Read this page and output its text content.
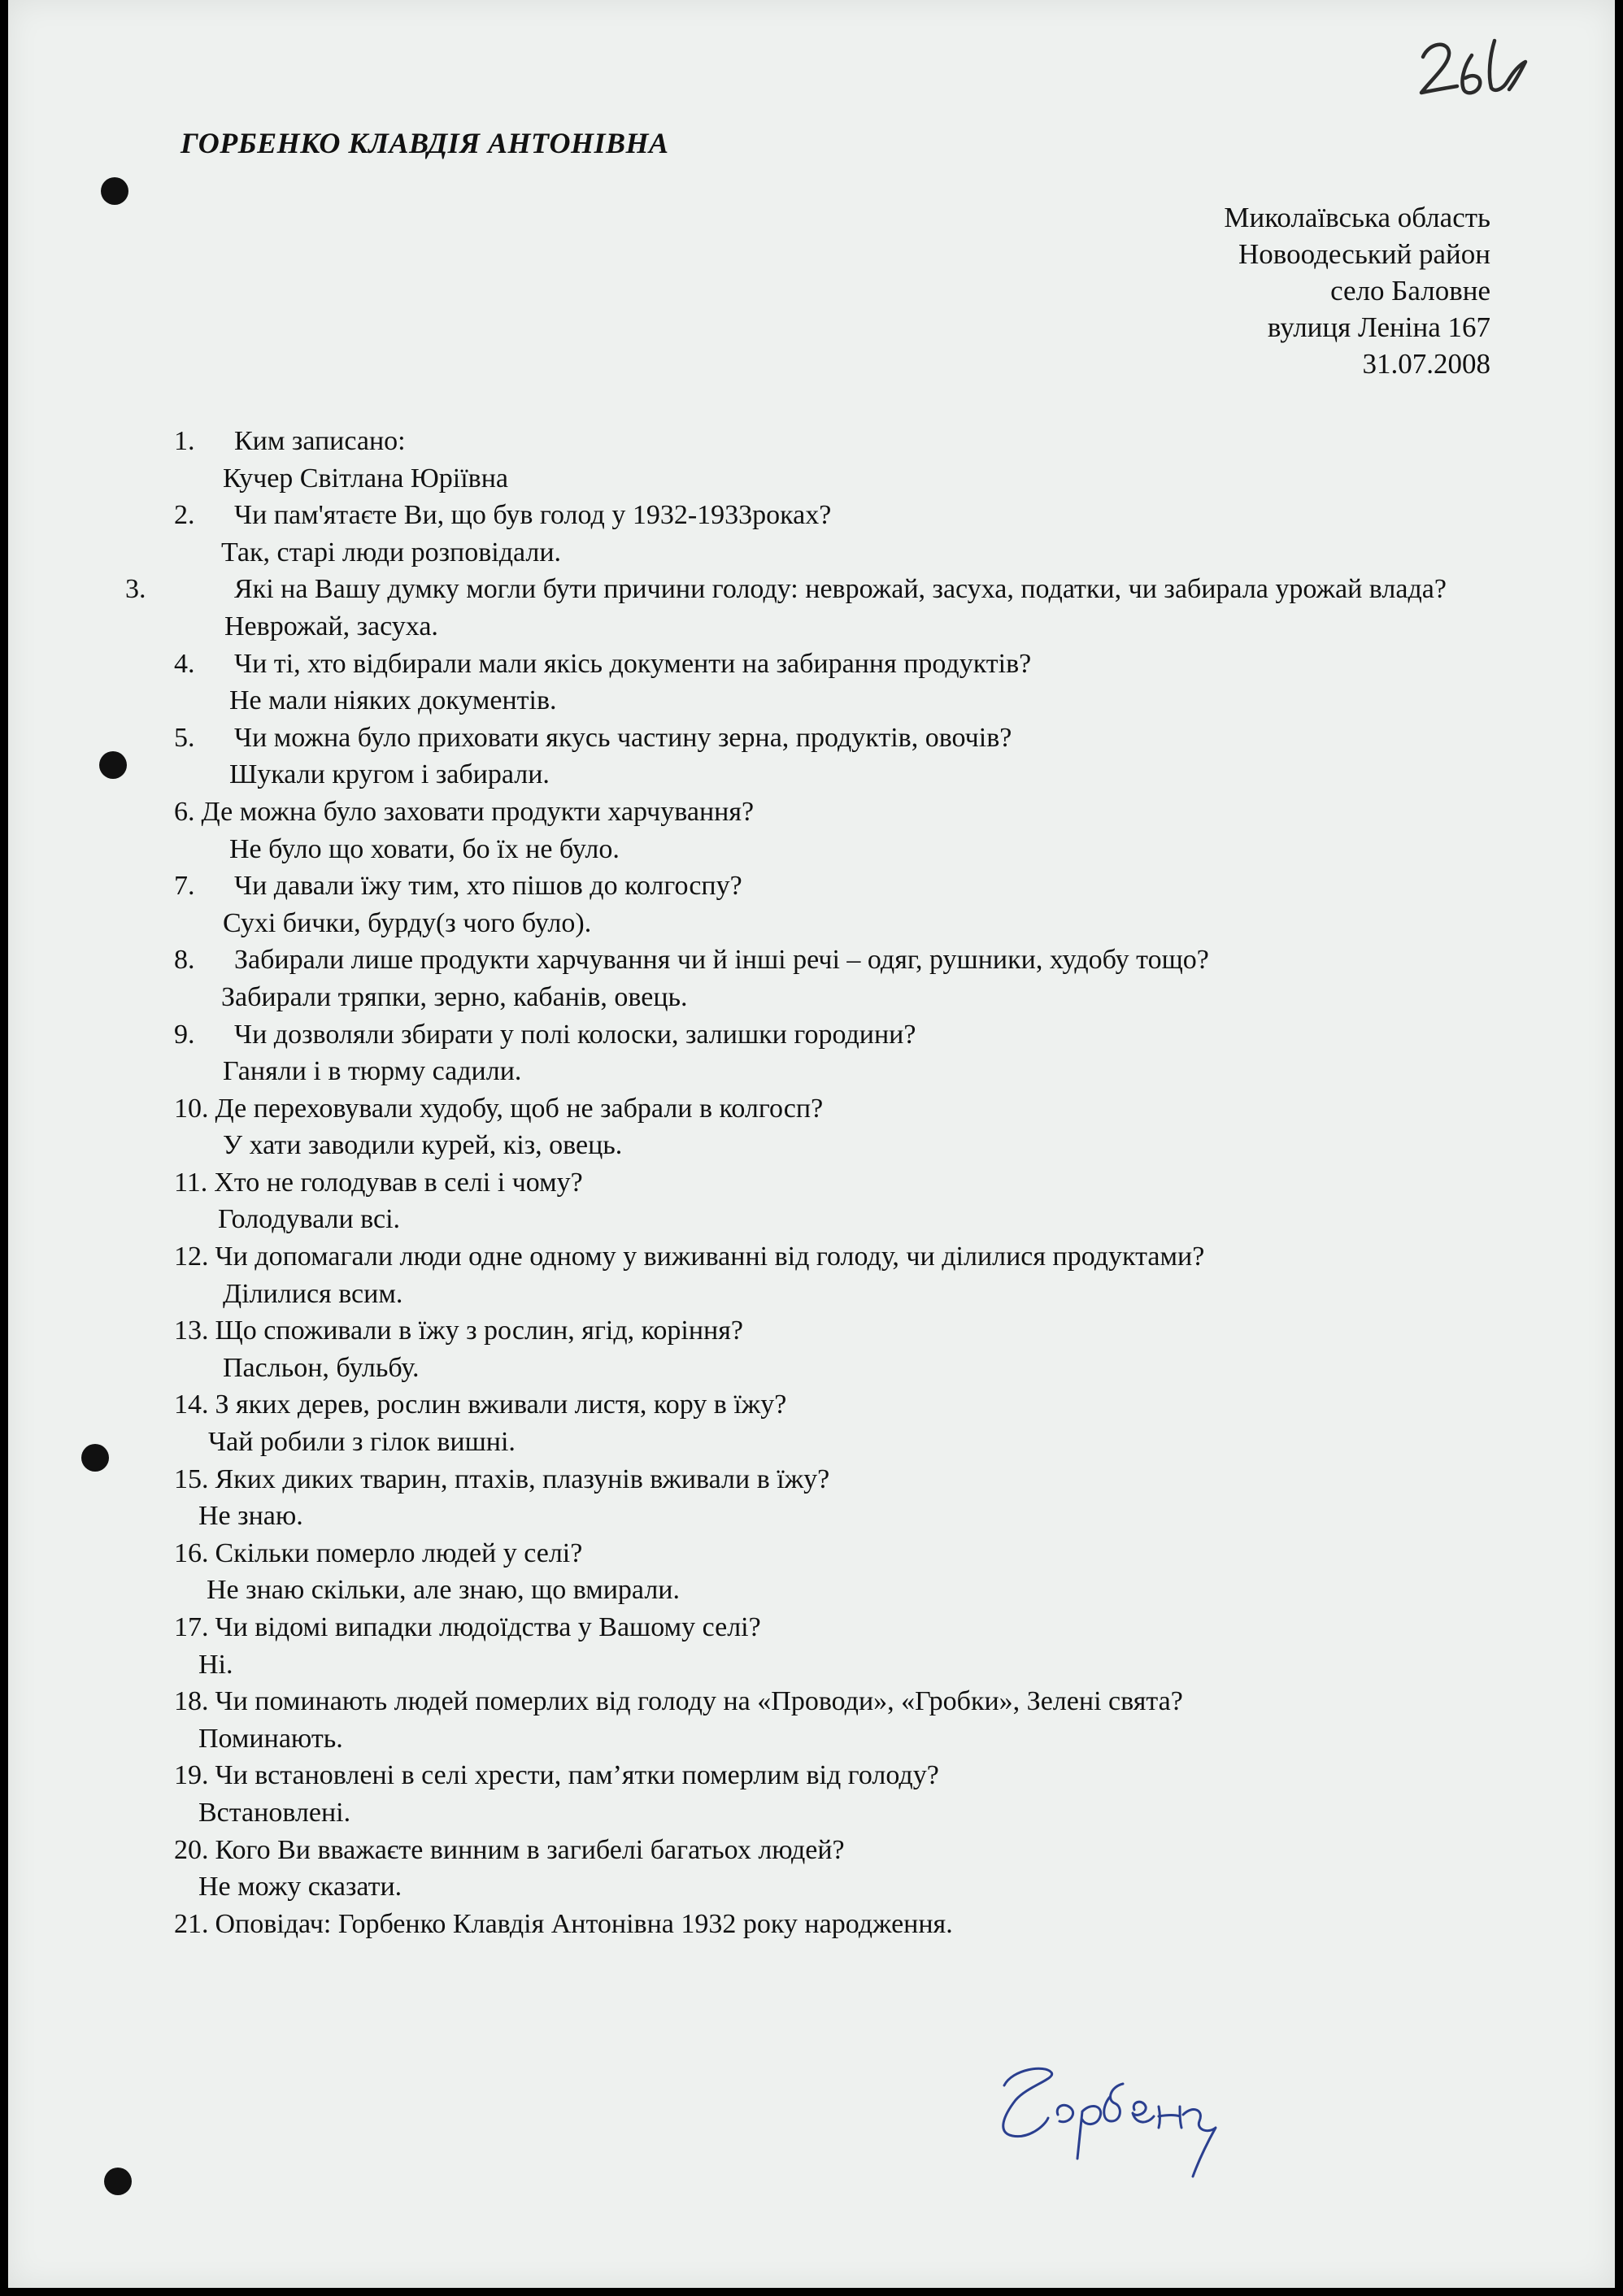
ГОРБЕНКО КЛАВДІЯ АНТОНІВНА
Миколаївська область
Новоодеський район
село Баловне
вулиця Леніна 167
31.07.2008
1. Ким записано:
Кучер Світлана Юріївна
2. Чи пам'ятаєте Ви, що був голод у 1932-1933роках?
Так, старі люди розповідали.
3.	Які на Вашу думку могли бути причини голоду: неврожай, засуха, податки, чи забирала урожай влада?
Неврожай, засуха.
4. Чи ті, хто відбирали мали якісь документи на забирання продуктів?
Не мали ніяких документів.
5. Чи можна було приховати якусь частину зерна, продуктів, овочів?
Шукали кругом і забирали.
6. Де можна було заховати продукти харчування?
Не було що ховати, бо їх не було.
7. Чи давали їжу тим, хто пішов до колгоспу?
Сухі бички, бурду(з чого було).
8. Забирали лише продукти харчування чи й інші речі – одяг, рушники, худобу тощо?
Забирали тряпки, зерно, кабанів, овець.
9. Чи дозволяли збирати у полі колоски, залишки городини?
Ганяли і в тюрму садили.
10. Де переховували худобу, щоб не забрали в колгосп?
У хати заводили курей, кіз, овець.
11. Хто не голодував в селі і чому?
Голодували всі.
12. Чи допомагали люди одне одному у виживанні від голоду, чи ділилися продуктами?
Ділилися всим.
13. Що споживали в їжу з рослин, ягід, коріння?
Пасльон, бульбу.
14. З яких дерев, рослин вживали листя, кору в їжу?
Чай робили з гілок вишні.
15. Яких диких тварин, птахів, плазунів вживали в їжу?
Не знаю.
16. Скільки померло людей у селі?
Не знаю скільки, але знаю, що вмирали.
17. Чи відомі випадки людоїдства у Вашому селі?
Ні.
18. Чи поминають людей померлих від голоду на «Проводи», «Гробки», Зелені свята?
Поминають.
19. Чи встановлені в селі хрести, пам’ятки померлим від голоду?
Встановлені.
20. Кого Ви вважаєте винним в загибелі багатьох людей?
Не можу сказати.
21. Оповідач: Горбенко Клавдія Антонівна 1932 року народження.
